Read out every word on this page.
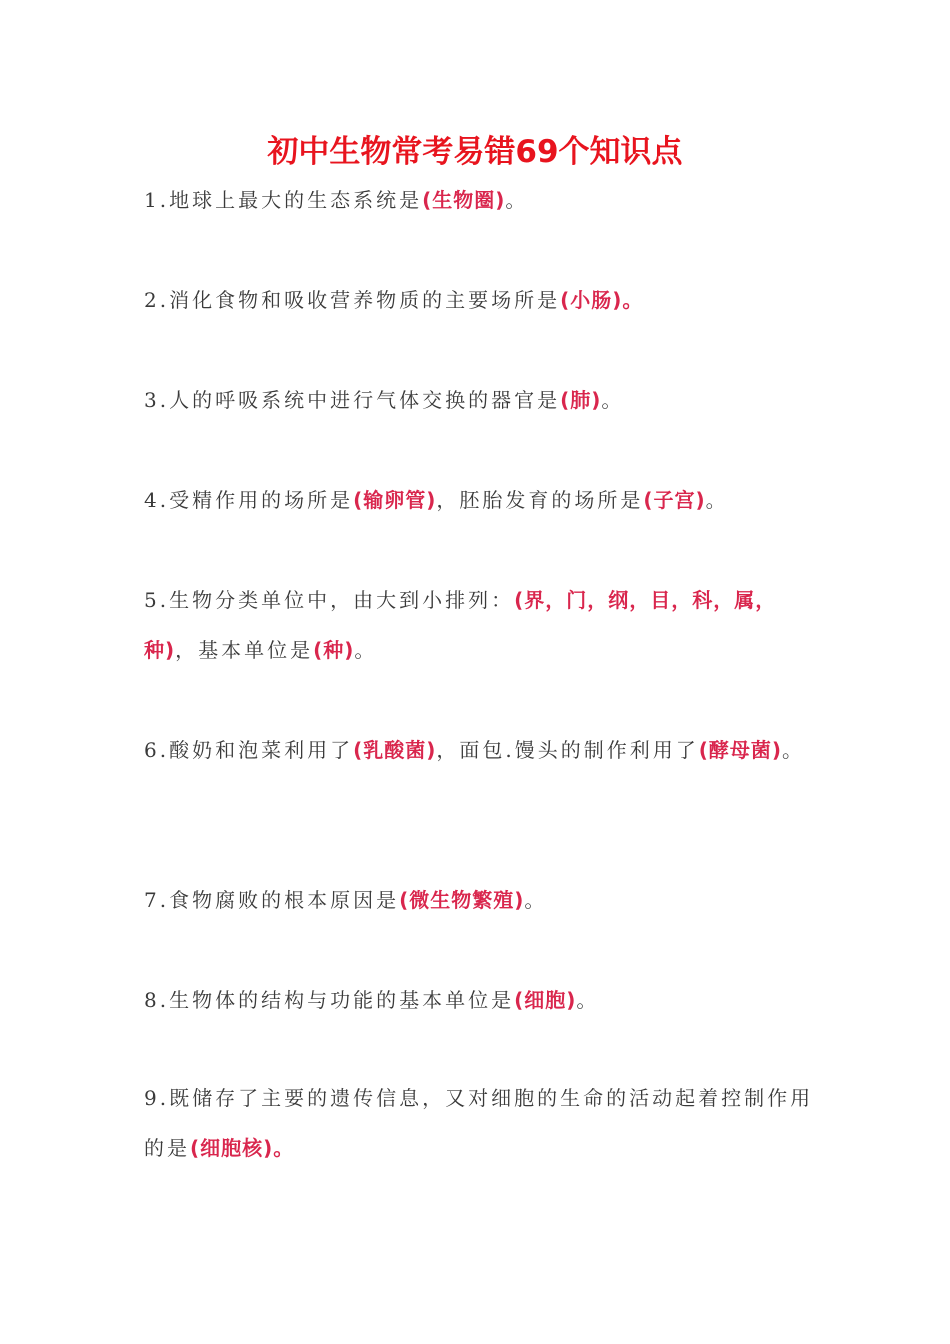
初中生物常考易错69个知识点

1.地球上最大的生态系统是(生物圈)。

2.消化食物和吸收营养物质的主要场所是(小肠)。

3.人的呼吸系统中进行气体交换的器官是(肺)。

4.受精作用的场所是(输卵管)，胚胎发育的场所是(子宫)。

5.生物分类单位中，由大到小排列：(界，门，纲，目，科，属，种)，基本单位是(种)。

6.酸奶和泡菜利用了(乳酸菌)，面包.馒头的制作利用了(酵母菌)。

7.食物腐败的根本原因是(微生物繁殖)。

8.生物体的结构与功能的基本单位是(细胞)。

9.既储存了主要的遗传信息，又对细胞的生命的活动起着控制作用的是(细胞核)。
